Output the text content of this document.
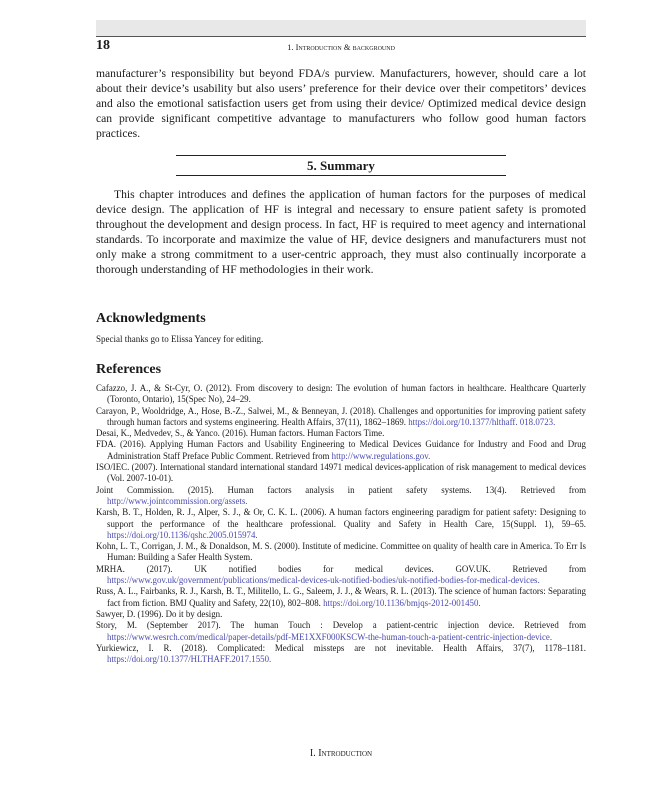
18	1. Introduction & background
manufacturer’s responsibility but beyond FDA/s purview. Manufacturers, however, should care a lot about their device’s usability but also users’ preference for their device over their competitors’ devices and also the emotional satisfaction users get from using their device/ Optimized medical device design can provide significant competitive advantage to manufacturers who follow good human factors practices.
5. Summary
This chapter introduces and defines the application of human factors for the purposes of medical device design. The application of HF is integral and necessary to ensure patient safety is promoted throughout the development and design process. In fact, HF is required to meet agency and international standards. To incorporate and maximize the value of HF, device designers and manufacturers must not only make a strong commitment to a user-centric approach, they must also continually incorporate a thorough understanding of HF methodologies in their work.
Acknowledgments
Special thanks go to Elissa Yancey for editing.
References

Cafazzo, J. A., & St-Cyr, O. (2012). From discovery to design: The evolution of human factors in healthcare. Healthcare Quarterly (Toronto, Ontario), 15(Spec No), 24–29.

Carayon, P., Wooldridge, A., Hose, B.-Z., Salwei, M., & Benneyan, J. (2018). Challenges and opportunities for improving patient safety through human factors and systems engineering. Health Affairs, 37(11), 1862–1869. https://doi.org/10.1377/hlthaff. 018.0723.

Desai, K., Medvedev, S., & Yanco. (2016). Human factors. Human Factors Time.

FDA. (2016). Applying Human Factors and Usability Engineering to Medical Devices Guidance for Industry and Food and Drug Administration Staff Preface Public Comment. Retrieved from http://www.regulations.gov.

ISO/IEC. (2007). International standard international standard 14971 medical devices-application of risk management to medical devices (Vol. 2007-10-01).

Joint Commission. (2015). Human factors analysis in patient safety systems. 13(4). Retrieved from http://www.jointcommission.org/assets.

Karsh, B. T., Holden, R. J., Alper, S. J., & Or, C. K. L. (2006). A human factors engineering paradigm for patient safety: Designing to support the performance of the healthcare professional. Quality and Safety in Health Care, 15(Suppl. 1), 59–65. https://doi.org/10.1136/qshc.2005.015974.

Kohn, L. T., Corrigan, J. M., & Donaldson, M. S. (2000). Institute of medicine. Committee on quality of health care in America. To Err Is Human: Building a Safer Health System.

MRHA. (2017). UK notified bodies for medical devices. GOV.UK. Retrieved from https://www.gov.uk/government/publications/medical-devices-uk-notified-bodies/uk-notified-bodies-for-medical-devices.

Russ, A. L., Fairbanks, R. J., Karsh, B. T., Militello, L. G., Saleem, J. J., & Wears, R. L. (2013). The science of human factors: Separating fact from fiction. BMJ Quality and Safety, 22(10), 802–808. https://doi.org/10.1136/bmjqs-2012-001450.

Sawyer, D. (1996). Do it by design.

Story, M. (September 2017). The human Touch : Develop a patient-centric injection device. Retrieved from https://www.wesrch.com/medical/paper-details/pdf-ME1XXF000KSCW-the-human-touch-a-patient-centric-injection-device.

Yurkiewicz, I. R. (2018). Complicated: Medical missteps are not inevitable. Health Affairs, 37(7), 1178–1181. https://doi.org/10.1377/HLTHAFF.2017.1550.

I. Introduction
